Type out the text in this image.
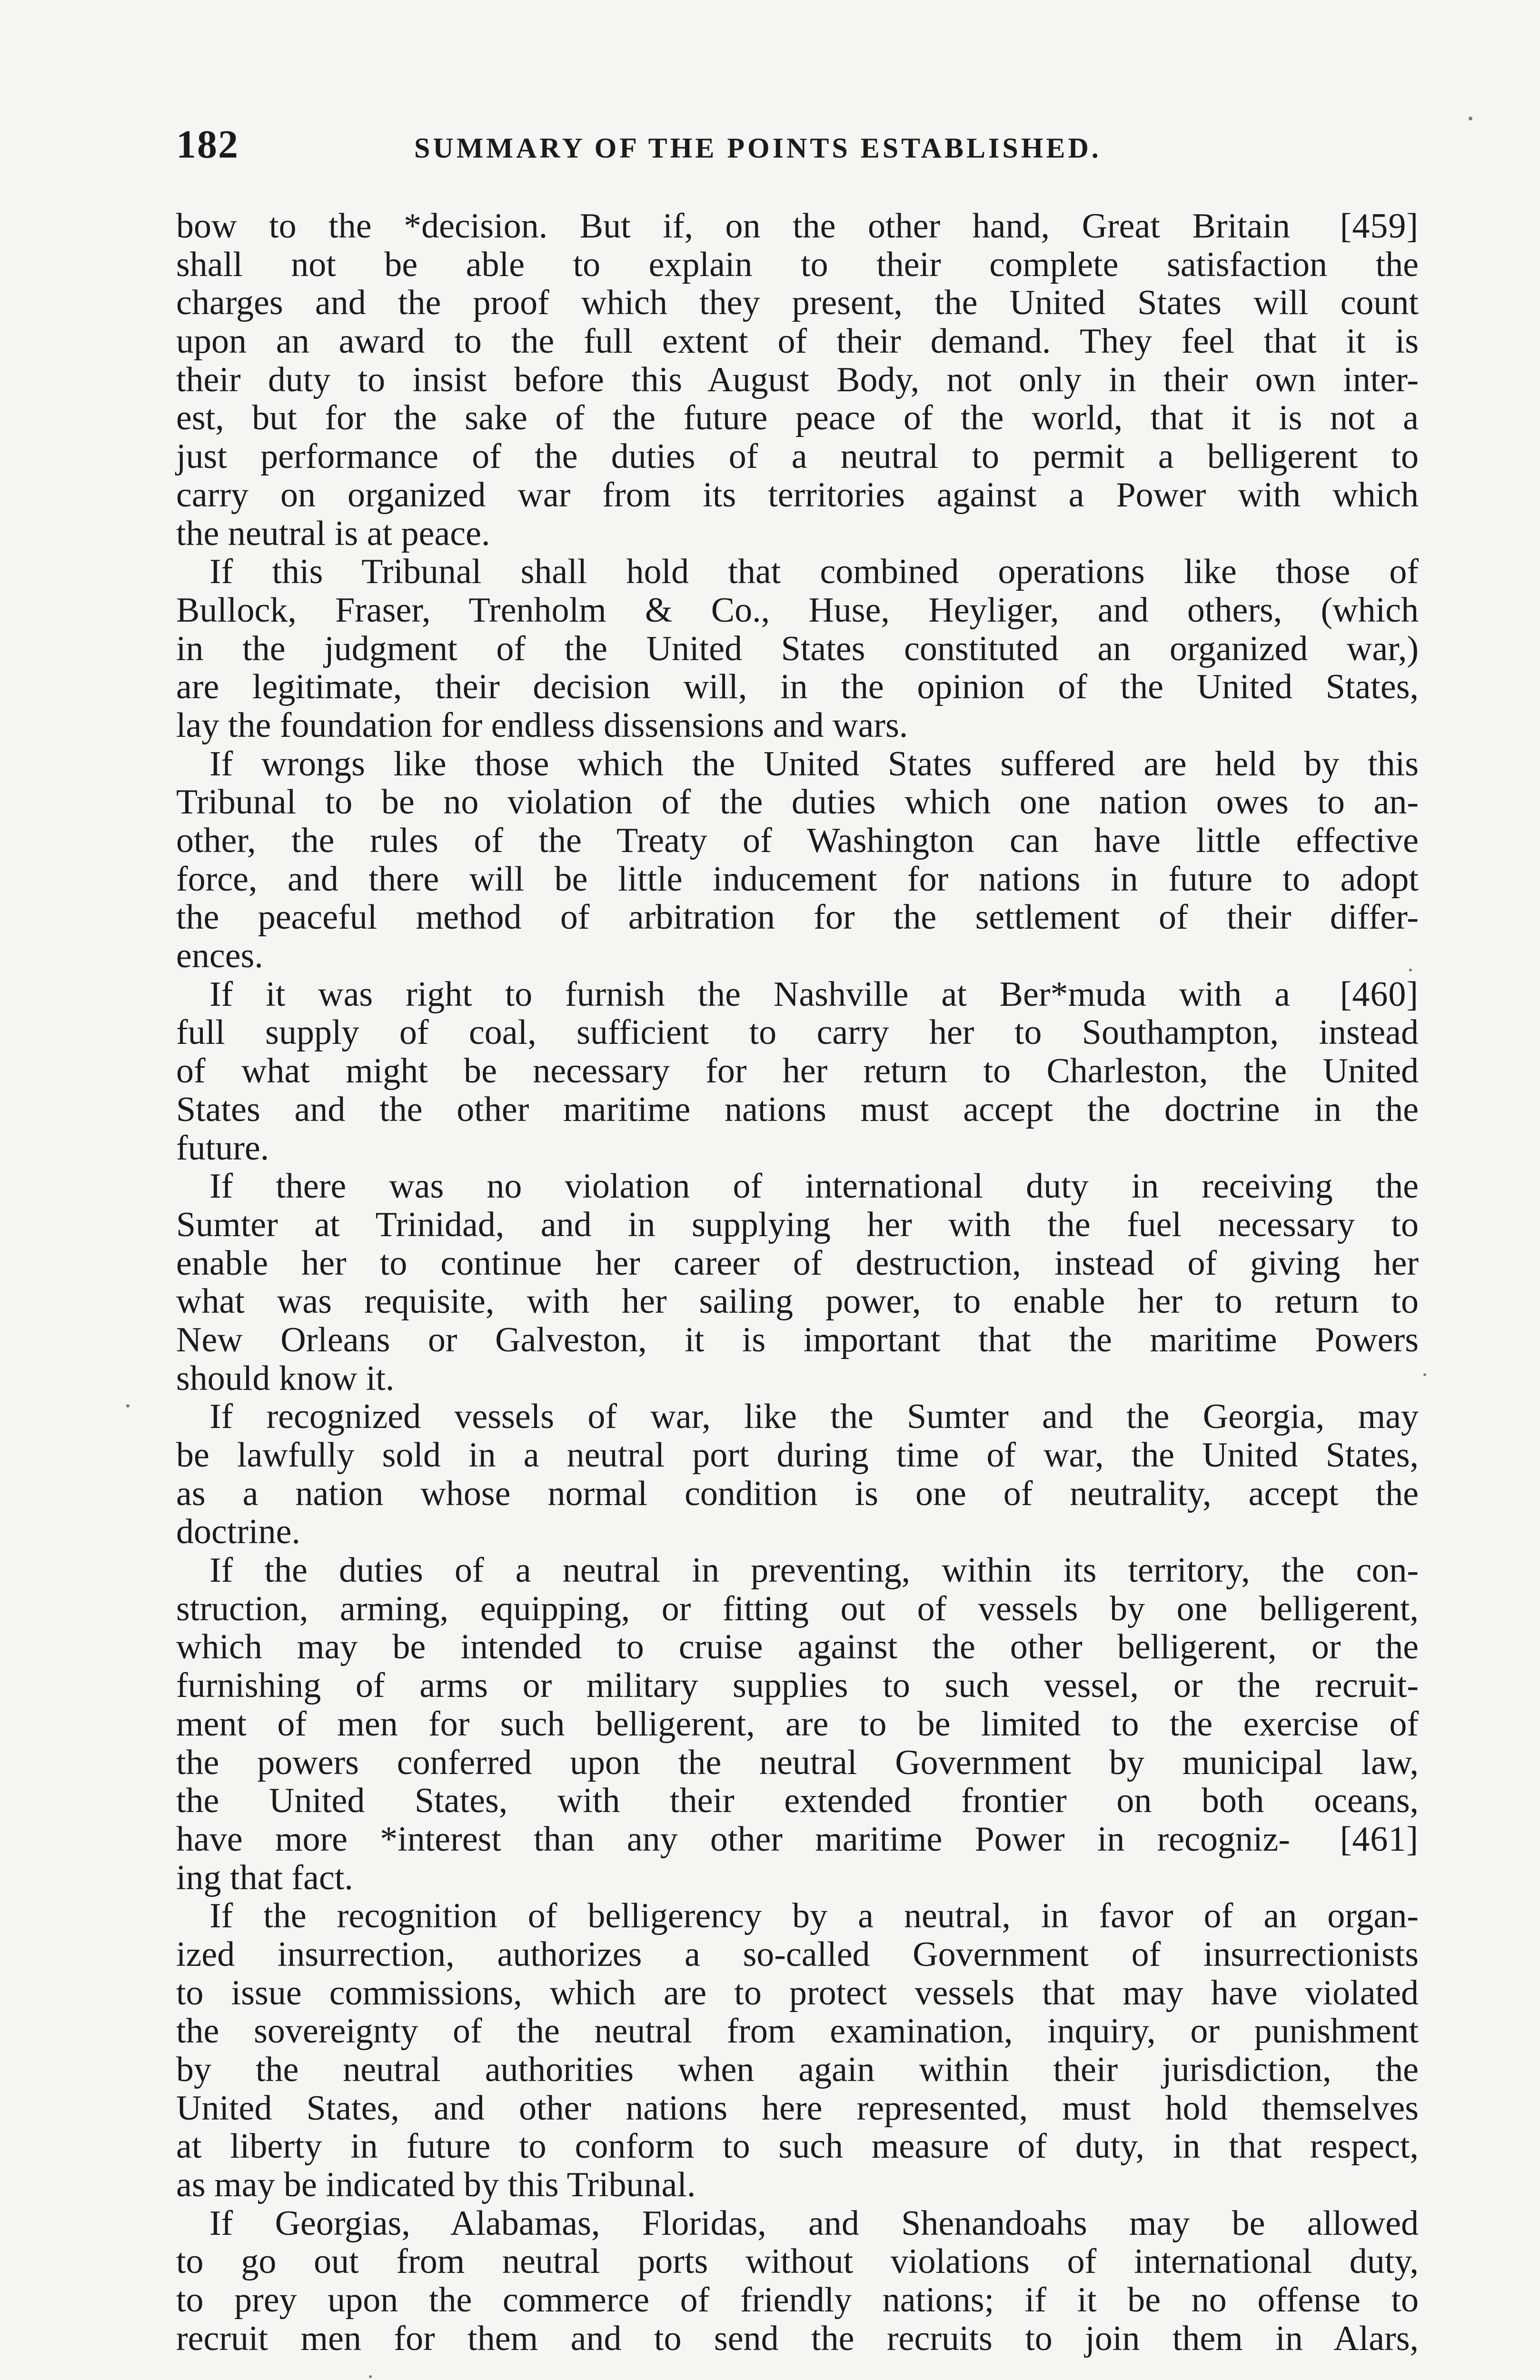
182	SUMMARY OF THE POINTS ESTABLISHED.
bow to the *decision. But if, on the other hand, Great Britain [459]
shall not be able to explain to their complete satisfaction the
charges and the proof which they present, the United States will count
upon an award to the full extent of their demand. They feel that it is
their duty to insist before this August Body, not only in their own inter-
est, but for the sake of the future peace of the world, that it is not a
just performance of the duties of a neutral to permit a belligerent to
carry on organized war from its territories against a Power with which
the neutral is at peace.
If this Tribunal shall hold that combined operations like those of
Bullock, Fraser, Trenholm & Co., Huse, Heyliger, and others, (which
in the judgment of the United States constituted an organized war,)
are legitimate, their decision will, in the opinion of the United States,
lay the foundation for endless dissensions and wars.
If wrongs like those which the United States suffered are held by this
Tribunal to be no violation of the duties which one nation owes to an-
other, the rules of the Treaty of Washington can have little effective
force, and there will be little inducement for nations in future to adopt
the peaceful method of arbitration for the settlement of their differ-
ences.
If it was right to furnish the Nashville at Ber*muda with a [460]
full supply of coal, sufficient to carry her to Southampton, instead
of what might be necessary for her return to Charleston, the United
States and the other maritime nations must accept the doctrine in the
future.
If there was no violation of international duty in receiving the
Sumter at Trinidad, and in supplying her with the fuel necessary to
enable her to continue her career of destruction, instead of giving her
what was requisite, with her sailing power, to enable her to return to
New Orleans or Galveston, it is important that the maritime Powers
should know it.
If recognized vessels of war, like the Sumter and the Georgia, may
be lawfully sold in a neutral port during time of war, the United States,
as a nation whose normal condition is one of neutrality, accept the
doctrine.
If the duties of a neutral in preventing, within its territory, the con-
struction, arming, equipping, or fitting out of vessels by one belligerent,
which may be intended to cruise against the other belligerent, or the
furnishing of arms or military supplies to such vessel, or the recruit-
ment of men for such belligerent, are to be limited to the exercise of
the powers conferred upon the neutral Government by municipal law,
the United States, with their extended frontier on both oceans,
have more *interest than any other maritime Power in recogniz- [461]
ing that fact.
If the recognition of belligerency by a neutral, in favor of an organ-
ized insurrection, authorizes a so-called Government of insurrectionists
to issue commissions, which are to protect vessels that may have violated
the sovereignty of the neutral from examination, inquiry, or punishment
by the neutral authorities when again within their jurisdiction, the
United States, and other nations here represented, must hold themselves
at liberty in future to conform to such measure of duty, in that respect,
as may be indicated by this Tribunal.
If Georgias, Alabamas, Floridas, and Shenandoahs may be allowed
to go out from neutral ports without violations of international duty,
to prey upon the commerce of friendly nations; if it be no offense to
recruit men for them and to send the recruits to join them in Alars,
